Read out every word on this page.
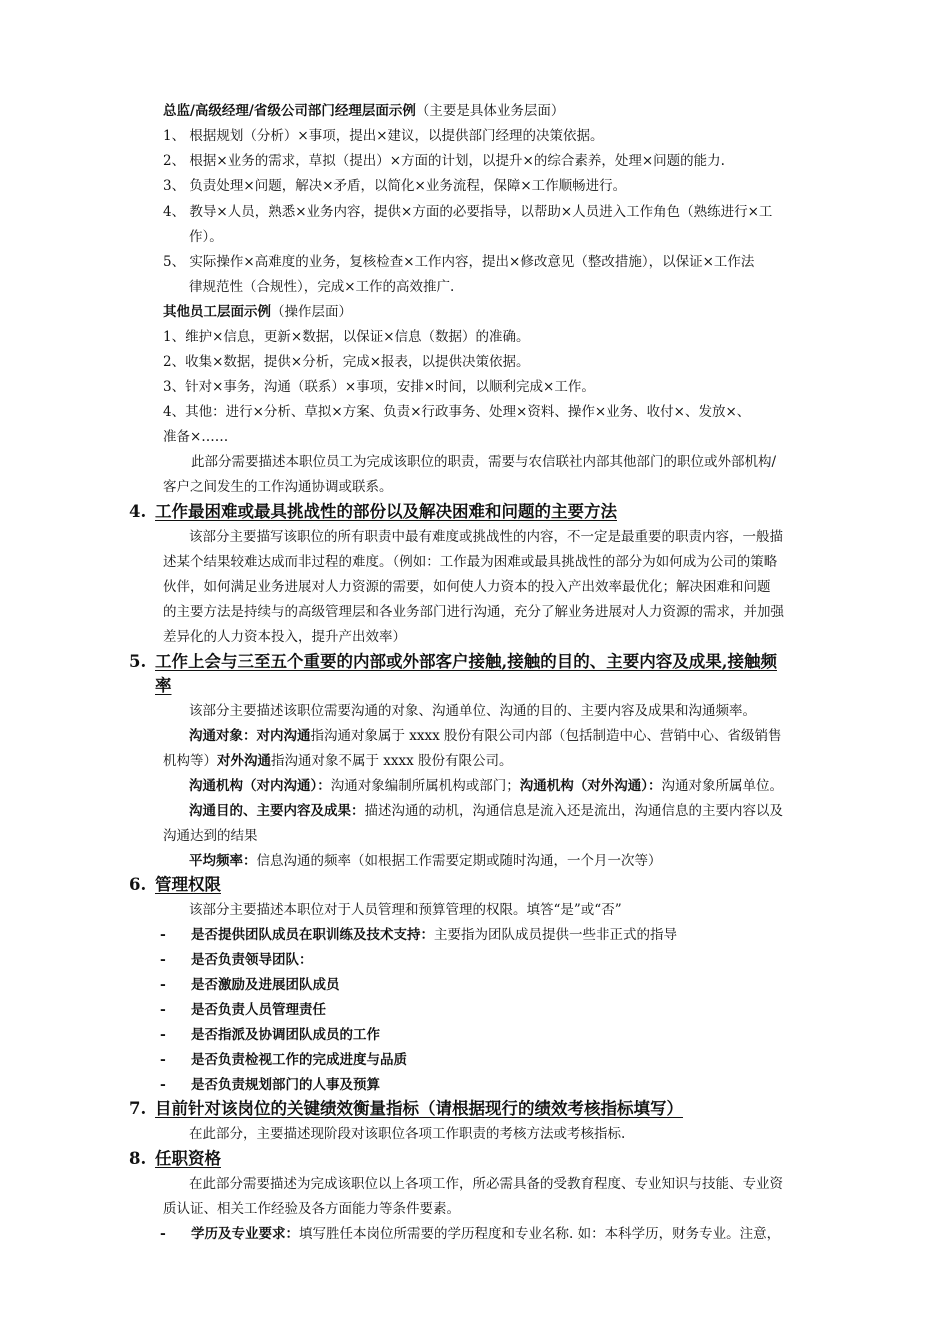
总监/高级经理/省级公司部门经理层面示例（主要是具体业务层面）
1、 根据规划（分析）×事项，提出×建议，以提供部门经理的决策依据。
2、 根据×业务的需求，草拟（提出）×方面的计划，以提升×的综合素养，处理×问题的能力.
3、 负责处理×问题，解决×矛盾，以简化×业务流程，保障×工作顺畅进行。
4、 教导×人员，熟悉×业务内容，提供×方面的必要指导，以帮助×人员进入工作角色（熟练进行×工
作）。
5、 实际操作×高难度的业务，复核检查×工作内容，提出×修改意见（整改措施），以保证×工作法
律规范性（合规性），完成×工作的高效推广.
其他员工层面示例（操作层面）
1、维护×信息，更新×数据，以保证×信息（数据）的准确。
2、收集×数据，提供×分析，完成×报表，以提供决策依据。
3、针对×事务，沟通（联系）×事项，安排×时间，以顺利完成×工作。
4、其他：进行×分析、草拟×方案、负责×行政事务、处理×资料、操作×业务、收付×、发放×、
准备×……
此部分需要描述本职位员工为完成该职位的职责，需要与农信联社内部其他部门的职位或外部机构/
客户之间发生的工作沟通协调或联系。
4. 工作最困难或最具挑战性的部份以及解决困难和问题的主要方法
该部分主要描写该职位的所有职责中最有难度或挑战性的内容，不一定是最重要的职责内容，一般描
述某个结果较难达成而非过程的难度。（例如：工作最为困难或最具挑战性的部分为如何成为公司的策略
伙伴，如何满足业务进展对人力资源的需要，如何使人力资本的投入产出效率最优化；解决困难和问题
的主要方法是持续与的高级管理层和各业务部门进行沟通，充分了解业务进展对人力资源的需求，并加强
差异化的人力资本投入，提升产出效率）
5. 工作上会与三至五个重要的内部或外部客户接触,接触的目的、主要内容及成果,接触频
率
该部分主要描述该职位需要沟通的对象、沟通单位、沟通的目的、主要内容及成果和沟通频率。
沟通对象：对内沟通指沟通对象属于 xxxx 股份有限公司内部（包括制造中心、营销中心、省级销售
机构等）对外沟通指沟通对象不属于 xxxx 股份有限公司。
沟通机构（对内沟通）：沟通对象编制所属机构或部门；沟通机构（对外沟通）：沟通对象所属单位。
沟通目的、主要内容及成果：描述沟通的动机，沟通信息是流入还是流出，沟通信息的主要内容以及
沟通达到的结果
平均频率：信息沟通的频率（如根据工作需要定期或随时沟通，一个月一次等）
6. 管理权限
该部分主要描述本职位对于人员管理和预算管理的权限。填答“是”或“否”
- 是否提供团队成员在职训练及技术支持：主要指为团队成员提供一些非正式的指导
- 是否负责领导团队：
- 是否激励及进展团队成员
- 是否负责人员管理责任
- 是否指派及协调团队成员的工作
- 是否负责检视工作的完成进度与品质
- 是否负责规划部门的人事及预算
7. 目前针对该岗位的关键绩效衡量指标（请根据现行的绩效考核指标填写）
在此部分，主要描述现阶段对该职位各项工作职责的考核方法或考核指标.
8. 任职资格
在此部分需要描述为完成该职位以上各项工作，所必需具备的受教育程度、专业知识与技能、专业资
质认证、相关工作经验及各方面能力等条件要素。
- 学历及专业要求：填写胜任本岗位所需要的学历程度和专业名称. 如：本科学历，财务专业。注意，
